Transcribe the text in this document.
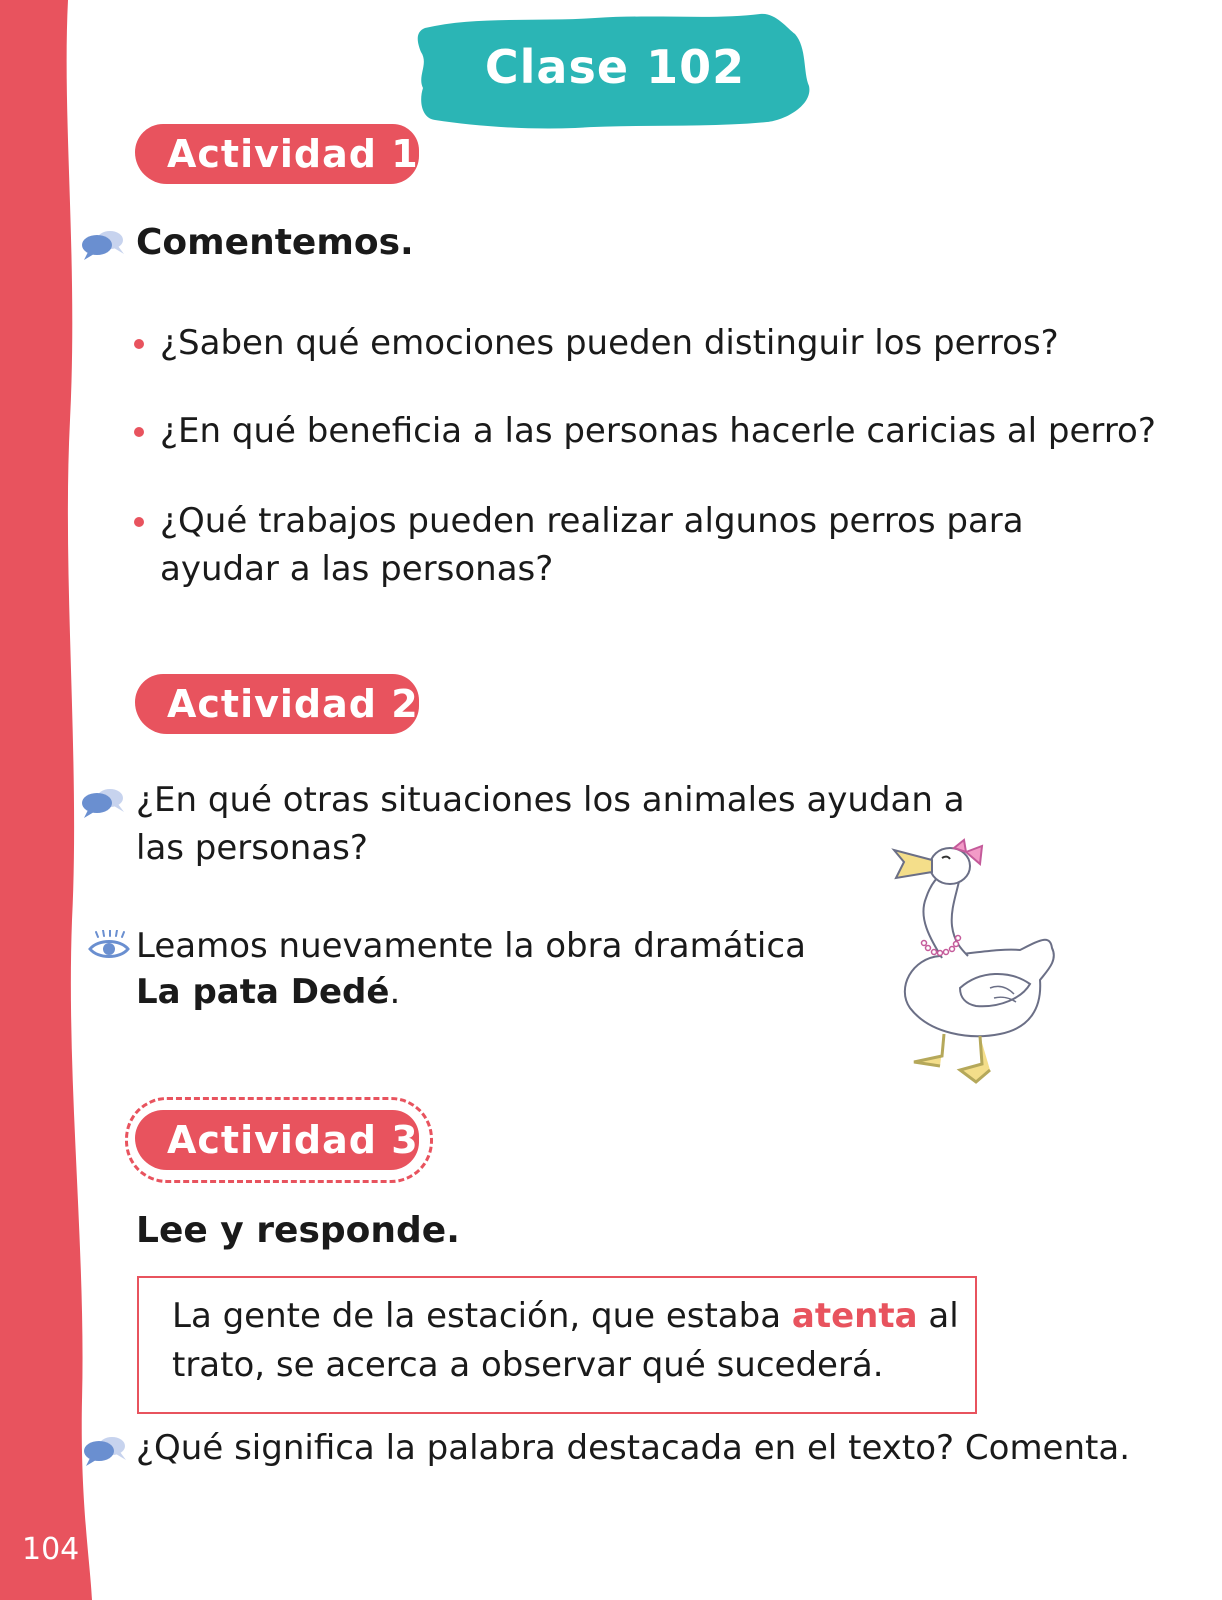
104
Clase 102
Actividad 1
Comentemos.
¿Saben qué emociones pueden distinguir los perros?
¿En qué beneficia a las personas hacerle caricias al perro?
¿Qué trabajos pueden realizar algunos perros para
ayudar a las personas?
Actividad 2
¿En qué otras situaciones los animales ayudan a
las personas?
Leamos nuevamente la obra dramática
La pata Dedé.
Actividad 3
Lee y responde.
La gente de la estación, que estaba atenta al
trato, se acerca a observar qué sucederá.
¿Qué significa la palabra destacada en el texto? Comenta.
